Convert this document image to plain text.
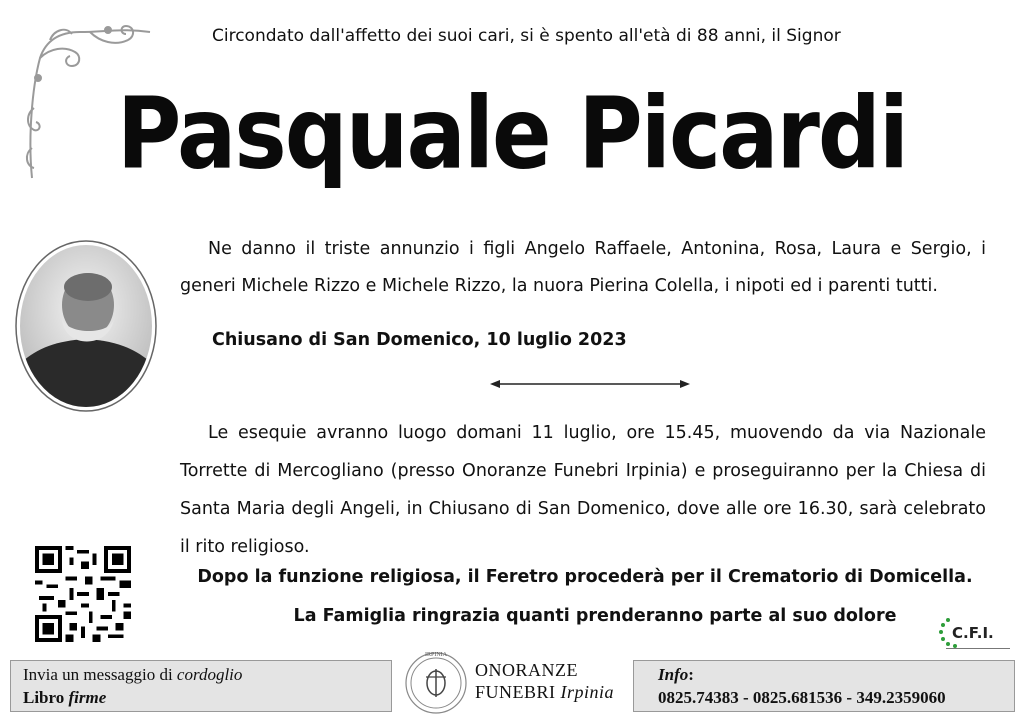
Circondato dall'affetto dei suoi cari, si è spento all'età di 88 anni, il Signor
Pasquale Picardi
Ne danno il triste annunzio i figli Angelo Raffaele, Antonina, Rosa, Laura e Sergio, i generi Michele Rizzo e Michele Rizzo, la nuora Pierina Colella, i nipoti ed i parenti tutti.
Chiusano di San Domenico, 10 luglio 2023
Le esequie avranno luogo domani 11 luglio, ore 15.45, muovendo da via Nazionale Torrette di Mercogliano (presso Onoranze Funebri Irpinia) e proseguiranno per la Chiesa di Santa Maria degli Angeli, in Chiusano di San Domenico, dove alle ore 16.30, sarà celebrato il rito religioso.
Dopo la funzione religiosa, il Feretro procederà per il Crematorio di Domicella.
La Famiglia ringrazia quanti prenderanno parte al suo dolore
C.F.I.
Invia un messaggio di cordoglio
Libro firme
IRPINIA
ONORANZE
FUNEBRI Irpinia
Info:
0825.74383 - 0825.681536 - 349.2359060
